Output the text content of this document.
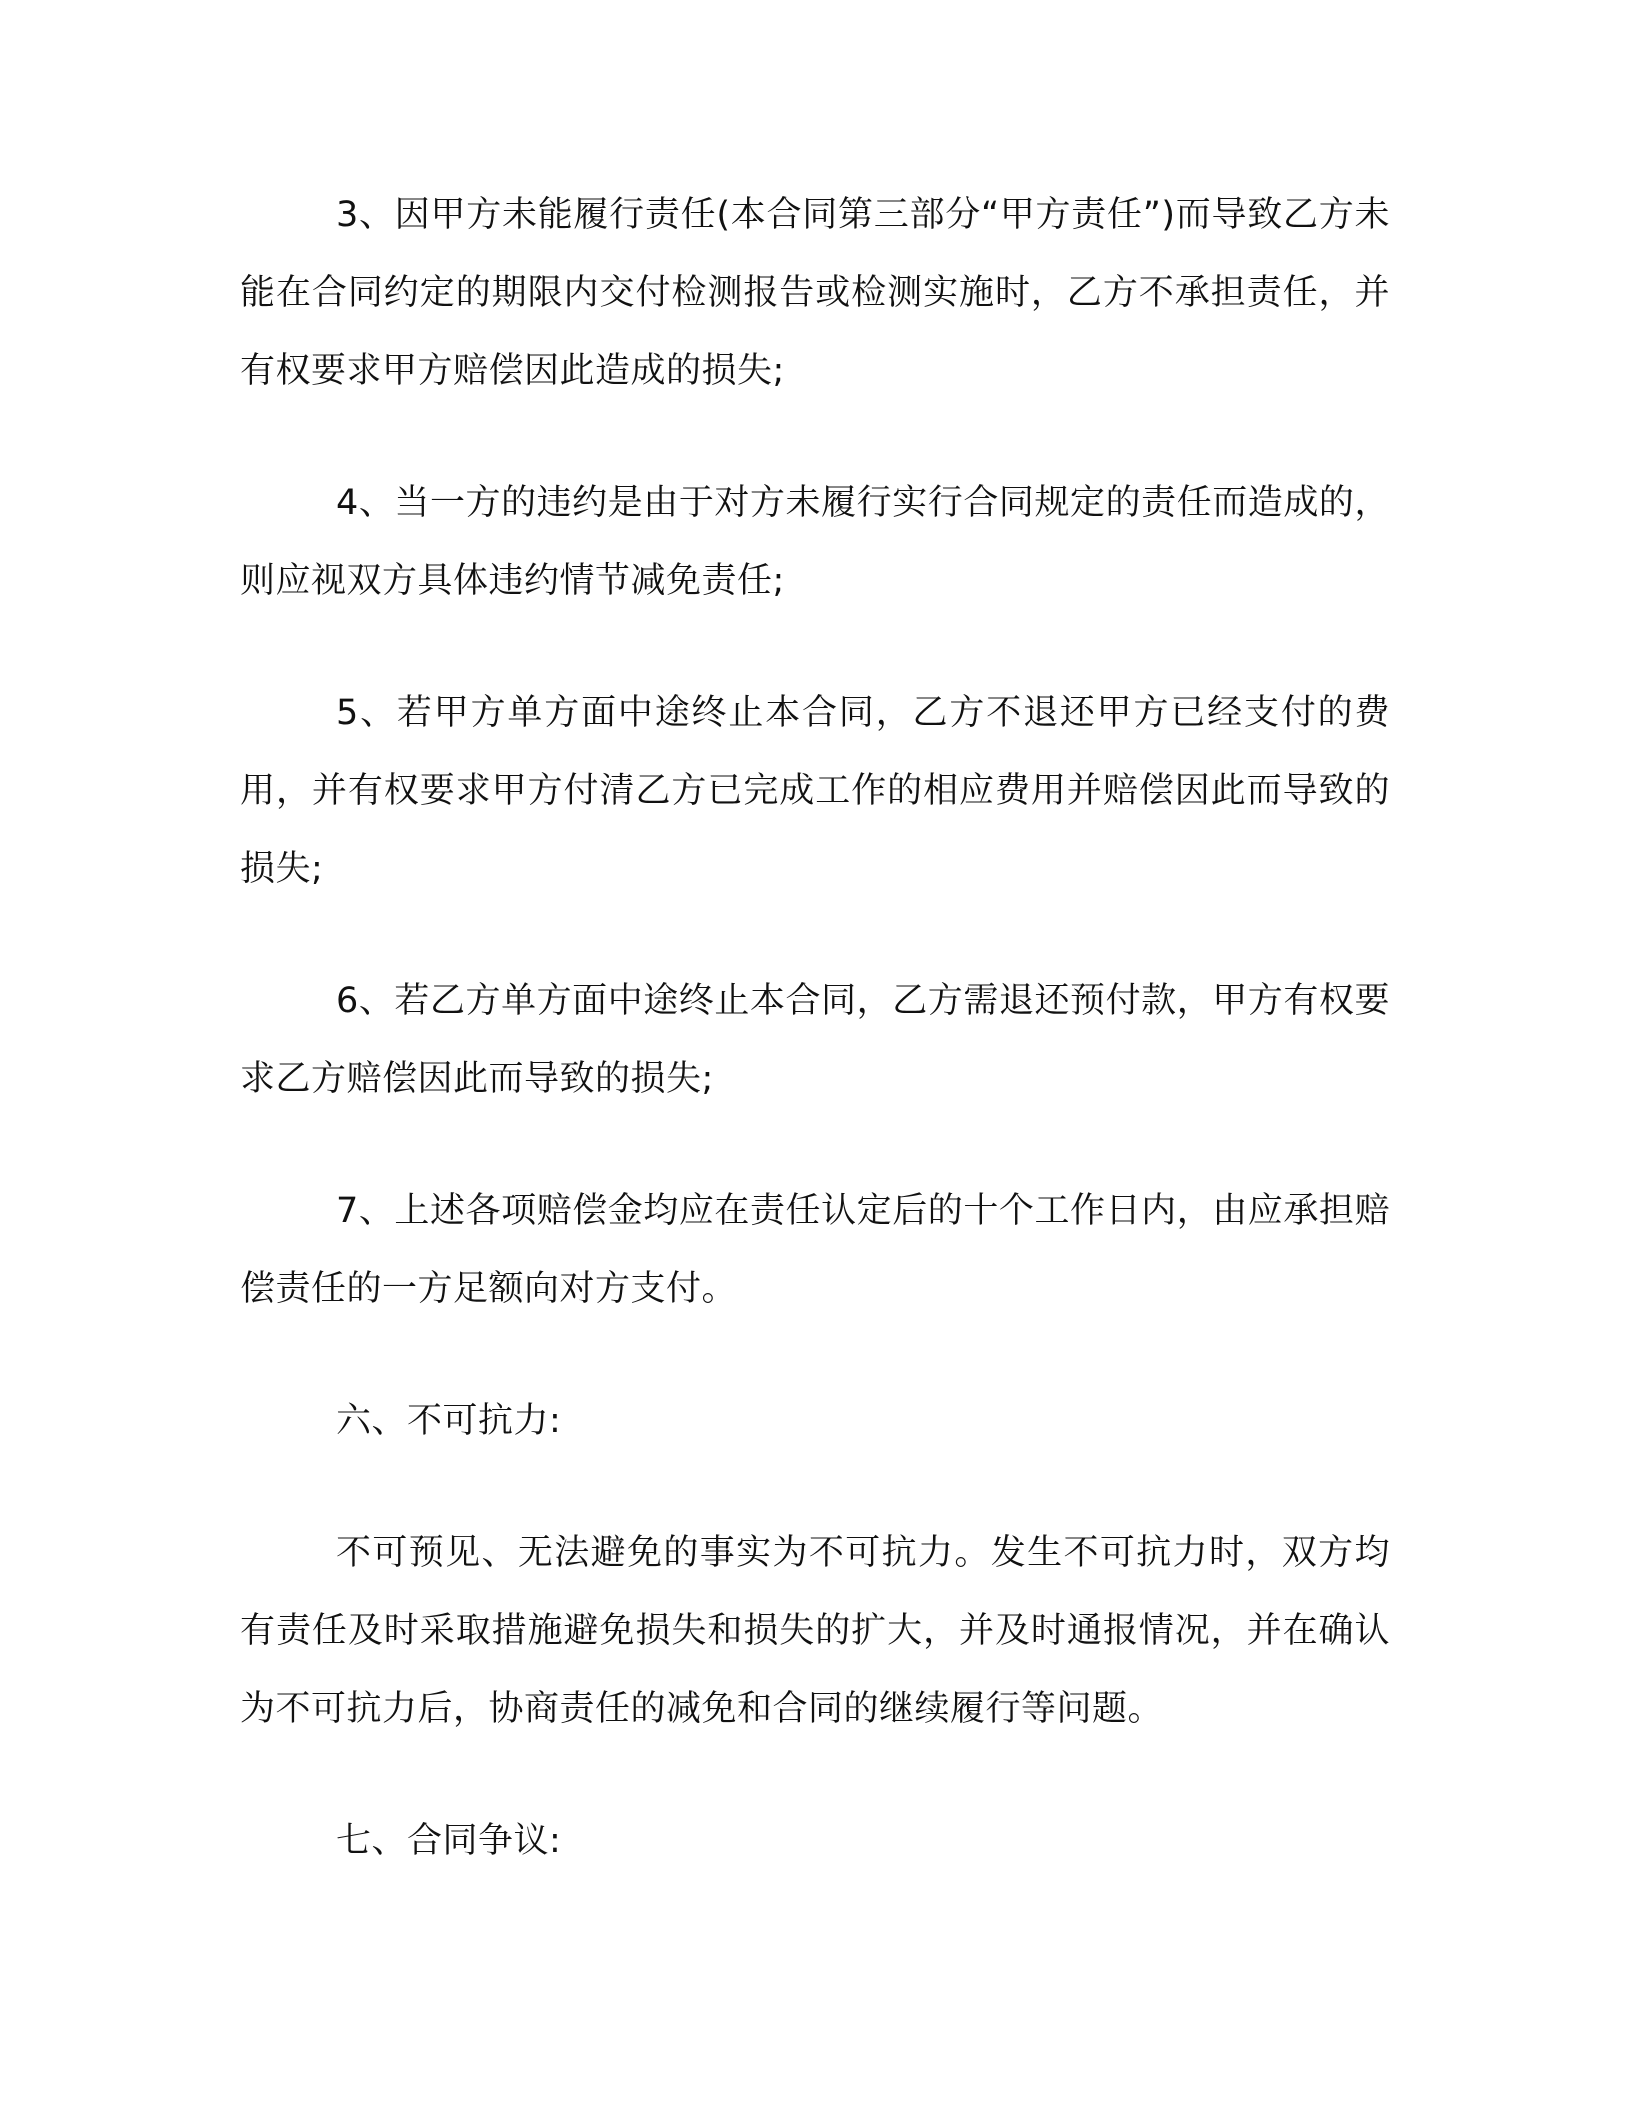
3、因甲方未能履行责任(本合同第三部分“甲方责任”)而导致乙方未能在合同约定的期限内交付检测报告或检测实施时，乙方不承担责任，并有权要求甲方赔偿因此造成的损失;

4、当一方的违约是由于对方未履行实行合同规定的责任而造成的，则应视双方具体违约情节减免责任;

5、若甲方单方面中途终止本合同，乙方不退还甲方已经支付的费用，并有权要求甲方付清乙方已完成工作的相应费用并赔偿因此而导致的损失;

6、若乙方单方面中途终止本合同，乙方需退还预付款，甲方有权要求乙方赔偿因此而导致的损失;

7、上述各项赔偿金均应在责任认定后的十个工作日内，由应承担赔偿责任的一方足额向对方支付。

六、不可抗力:

不可预见、无法避免的事实为不可抗力。发生不可抗力时，双方均有责任及时采取措施避免损失和损失的扩大，并及时通报情况，并在确认为不可抗力后，协商责任的减免和合同的继续履行等问题。

七、合同争议:
